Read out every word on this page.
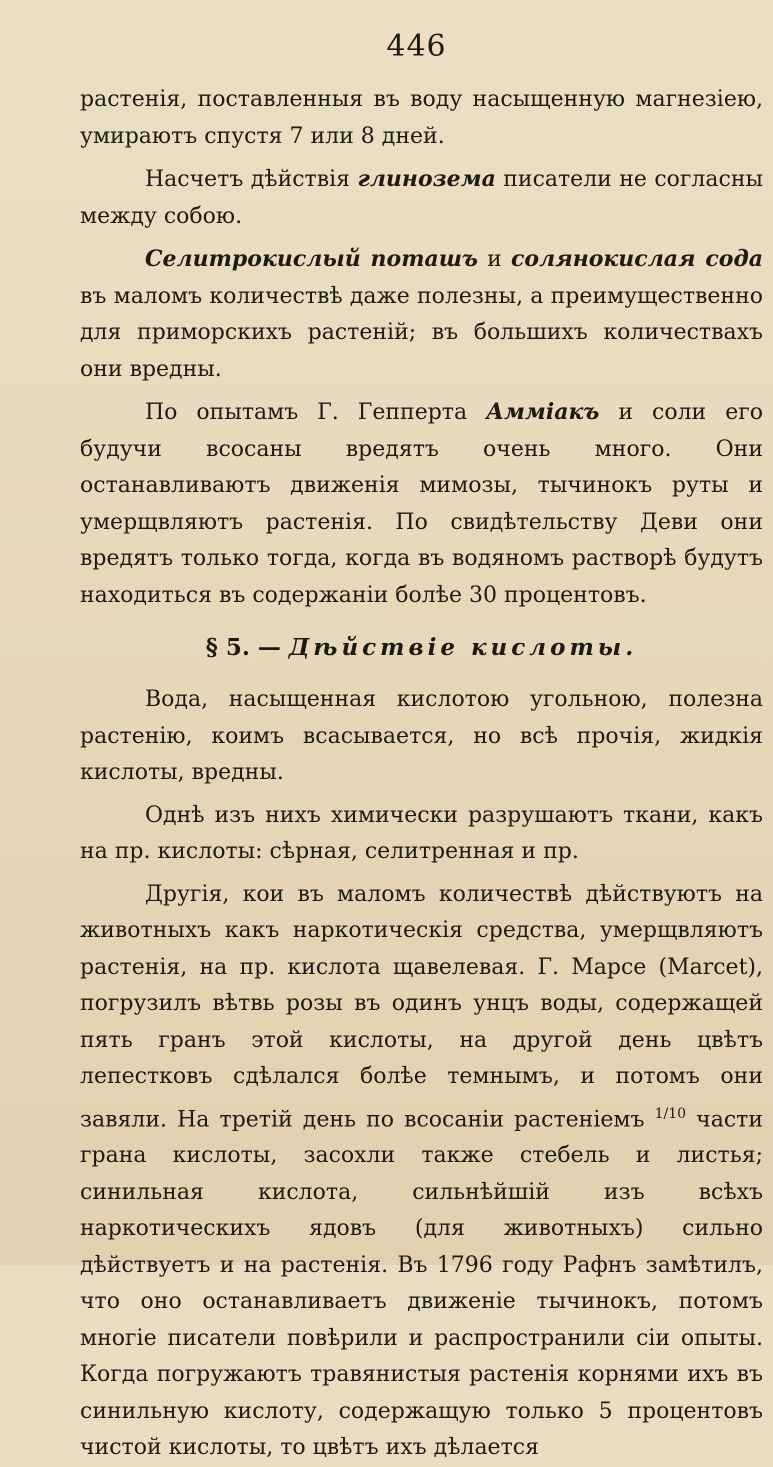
446

растенія, поставленныя въ воду насыщенную магнезіею, умираютъ спустя 7 или 8 дней.

Насчетъ дѣйствія глинозема писатели не согласны между собою.

Селитрокислый поташъ и солянокислая сода въ маломъ количествѣ даже полезны, а преимущественно для приморскихъ растеній; въ большихъ количествахъ они вредны.

По опытамъ Г. Гепперта Аммiакъ и соли его будучи всосаны вредятъ очень много. Они останавливаютъ движенія мимозы, тычинокъ руты и умерщвляютъ растенія. По свидѣтельству Деви они вредятъ только тогда, когда въ водяномъ растворѣ будутъ находиться въ содержаніи болѣе 30 процентовъ.

§ 5. — Дѣйствіе кислоты.

Вода, насыщенная кислотою угольною, полезна растенію, коимъ всасывается, но всѣ прочія, жидкія кислоты, вредны.

Однѣ изъ нихъ химически разрушаютъ ткани, какъ на пр. кислоты: сѣрная, селитренная и пр.

Другія, кои въ маломъ количествѣ дѣйствуютъ на животныхъ какъ наркотическія средства, умерщвляютъ растенія, на пр. кислота щавелевая. Г. Марсе (Marcet), погрузилъ вѣтвь розы въ одинъ унцъ воды, содержащей пять гранъ этой кислоты, на другой день цвѣтъ лепестковъ сдѣлался болѣе темнымъ, и потомъ они завяли. На третій день по всосаніи растеніемъ $^{1/10}$ части грана кислоты, засохли также стебель и листья; синильная кислота, сильнѣйшій изъ всѣхъ наркотическихъ ядовъ (для животныхъ) сильно дѣйствуетъ и на растенія. Въ 1796 году Рафнъ замѣтилъ, что оно останавливаетъ движеніе тычинокъ, потомъ многіе писатели повѣрили и распространили сіи опыты. Когда погружаютъ травянистыя растенія корнями ихъ въ синильную кислоту, содержащую только 5 процентовъ чистой кислоты, то цвѣтъ ихъ дѣлается
